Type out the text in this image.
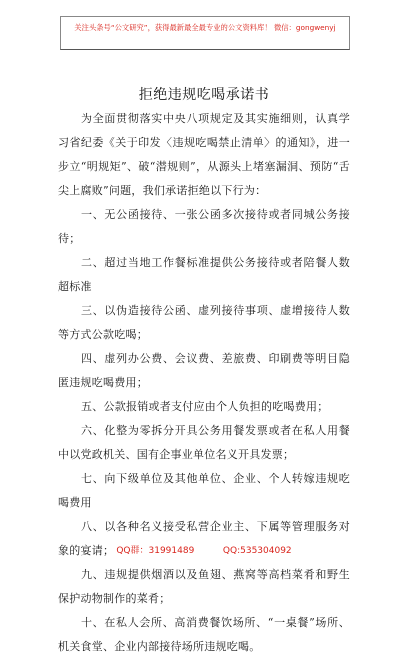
关注头条号“公文研究”，获得最新最全最专业的公文资料库！ 微信：gongwenyj
拒绝违规吃喝承诺书

为全面贯彻落实中央八项规定及其实施细则，认真学习省纪委《关于印发〈违规吃喝禁止清单〉的通知》，进一步立“明规矩”、破“潜规则”，从源头上堵塞漏洞、预防“舌尖上腐败”问题，我们承诺拒绝以下行为：

一、无公函接待、一张公函多次接待或者同城公务接待；

二、超过当地工作餐标准提供公务接待或者陪餐人数超标准

三、以伪造接待公函、虚列接待事项、虚增接待人数等方式公款吃喝；

四、虚列办公费、会议费、差旅费、印刷费等明目隐匿违规吃喝费用；

五、公款报销或者支付应由个人负担的吃喝费用；

六、化整为零拆分开具公务用餐发票或者在私人用餐中以党政机关、国有企事业单位名义开具发票；

七、向下级单位及其他单位、企业、个人转嫁违规吃喝费用

八、以各种名义接受私营企业主、下属等管理服务对象的宴请；

九、违规提供烟酒以及鱼翅、燕窝等高档菜肴和野生保护动物制作的菜肴；

十、在私人会所、高消费餐饮场所、“一桌餐”场所、机关食堂、企业内部接待场所违规吃喝。

QQ群：31991489          QQ:535304092
